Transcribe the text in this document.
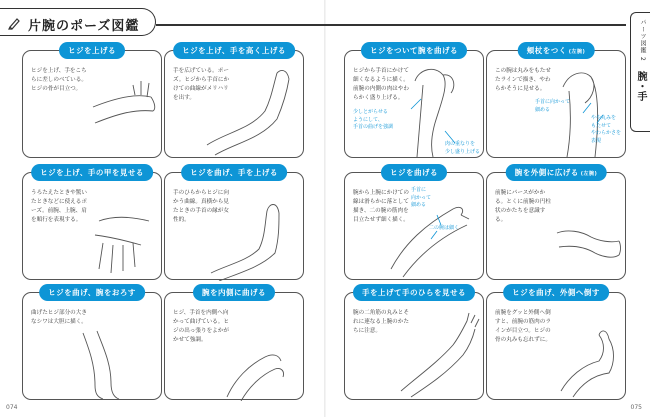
片腕のポーズ図鑑	パーツ図鑑 2
腕・手
ヒジを上げる
ヒジを上げ、手をこちらに差しのべている。ヒジの骨が目立つ。
ヒジを上げ、手を高く上げる
手を広げている。ポーズ。ヒジから手首にかけての曲線がメリハリを出す。
ヒジをついて腕を曲げる
ヒジから手首にかけて細くなるように描く。前腕の内側の肉はやわらかく盛り上げる。
少しとがらせる
ようにして、
手首の曲げを強調
肉の重なりを
少し盛り上げる
頬杖をつく (左腕)
この腕は丸みをもたせたラインで描き、やわらかそうに見せる。
手首に向かって
細める
やや丸みを
もたせて
やわらかさを
表現
ヒジを上げ、手の甲を見せる
うろたえたときや驚いたときなどに使えるポーズ。前腕、上腕、肩を順行を表現する。
ヒジを曲げ、手を上げる
手のひらからヒジに向かう曲線。真横から見たときの手首の縁が女性的。
ヒジを曲げる
腕から上腕にかけての線は滑らかに落として描き、二の腕の筋肉を目立たせず細く描く。
手首に
向かって
細める
二の腕は細く
腕を外側に広げる (左腕)
前腕にパースがかかる。とくに前腕の円柱状のかたちを意識する。
ヒジを曲げ、腕をおろす
曲げたヒジ部分の大きなシワは大胆に描く。
腕を内側に曲げる
ヒジ、手首を内側へ向かって曲げている。ヒジの出っ張りをよかがかせて強調。
手を上げて手のひらを見せる
腕の二角筋の丸みとそれに連なる上腕のかたちに注意。
ヒジを曲げ、外側へ倒す
前腕をグッと外側へ倒すと、前腕の筋肉のラインが目立つ。ヒジの骨の丸みも忘れずに。
074	075
